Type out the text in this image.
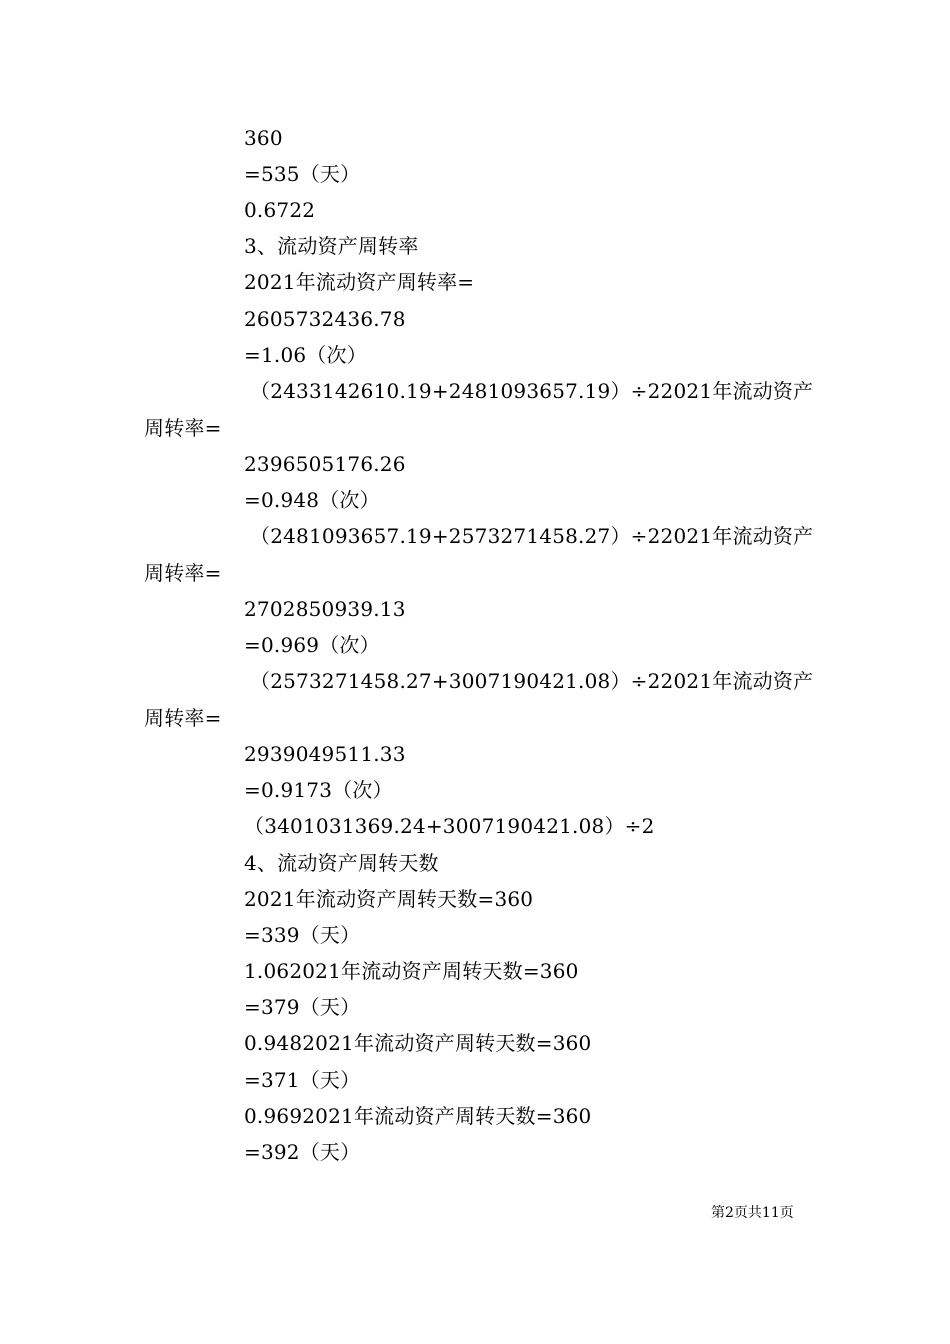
360
=535（天）
0.6722
3、流动资产周转率
2021年流动资产周转率=
2605732436.78
=1.06（次）
（2433142610.19+2481093657.19）÷22021年流动资产
周转率=
2396505176.26
=0.948（次）
（2481093657.19+2573271458.27）÷22021年流动资产
周转率=
2702850939.13
=0.969（次）
（2573271458.27+3007190421.08）÷22021年流动资产
周转率=
2939049511.33
=0.9173（次）
（3401031369.24+3007190421.08）÷2
4、流动资产周转天数
2021年流动资产周转天数=360
=339（天）
1.062021年流动资产周转天数=360
=379（天）
0.9482021年流动资产周转天数=360
=371（天）
0.9692021年流动资产周转天数=360
=392（天）
第2页共11页
